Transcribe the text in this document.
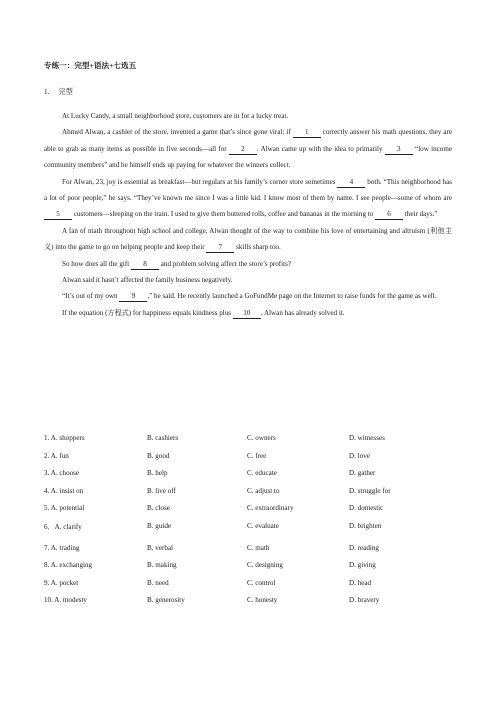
专练一：完型+语法+七选五
1. 完型

At Lucky Candy, a small neighborhood store, customers are in for a lucky treat.

Ahmed Alwan, a cashier of the store, invented a game that’s since gone viral: if 1 correctly answer his math questions, they are able to grab as many items as possible in five seconds—all for 2 . Alwan came up with the idea to primarily 3 “low income community members” and he himself ends up paying for whatever the winners collect.

For Alwan, 23, joy is essential as breakfast—but regulars at his family’s corner store sometimes 4 both. “This neighborhood has a lot of poor people,” he says. “They’ve known me since I was a little kid. I know most of them by name. I see people—some of whom are 5 customers—sleeping on the train. I used to give them buttered rolls, coffee and bananas in the morning to 6 their days.”

A fan of math throughout high school and college, Alwan thought of the way to combine his love of entertaining and altruism (利他主义) into the game to go on helping people and keep their 7 skills sharp too.

So how does all the gift 8 and problem solving affect the store’s profits?

Alwan said it hasn’t affected the family business negatively.

“It’s out of my own 9 ,” he said. He recently launched a GoFundMe page on the Internet to raise funds for the game as well.

If the equation (方程式) for happiness equals kindness plus 10 , Alwan has already solved it.

1. A. shoppers	B. cashiers	C. owners	D. witnesses
2. A. fun	B. good	C. free	D. love
3. A. choose	B. help	C. educate	D. gather
4. A. insist on	B. live off	C. adjust to	D. struggle for
5. A. potential	B. close	C. extraordinary	D. domestic
6．A. clarify	B. guide	C. evaluate	D. brighten
7. A. trading	B. verbal	C. math	D. reading
8. A. exchanging	B. making	C. designing	D. giving
9. A. pocket	B. need	C. control	D. head
10. A. modesty	B. generosity	C. honesty	D. bravery
